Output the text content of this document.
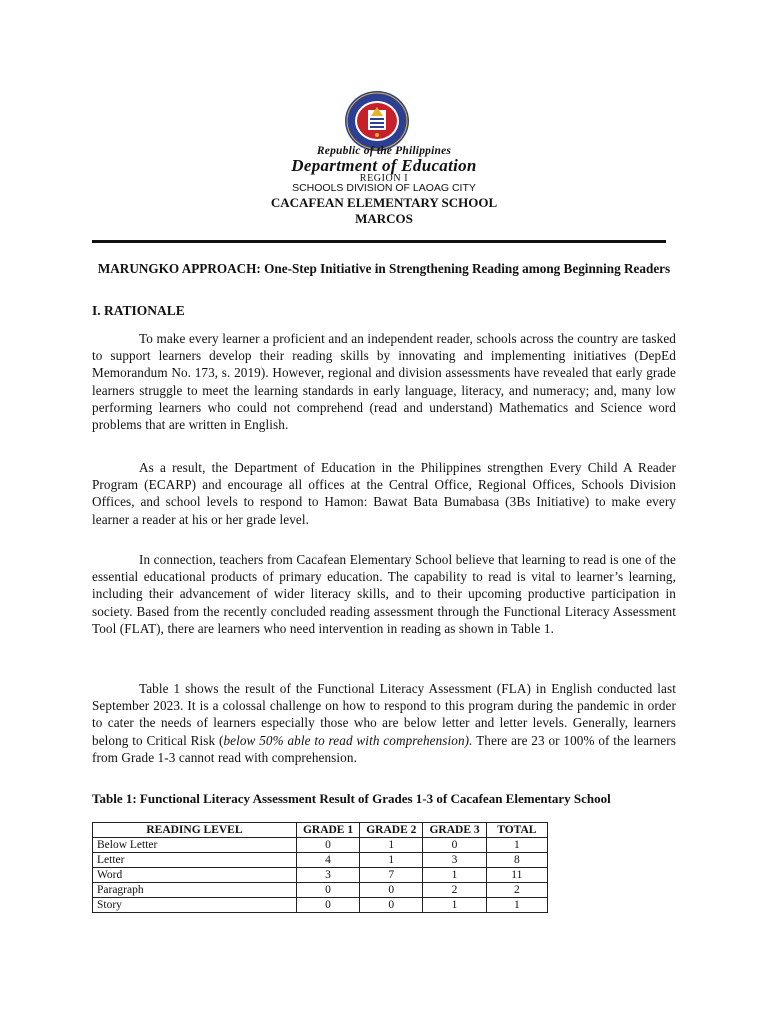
Republic of the Philippines
Department of Education
REGION I
SCHOOLS DIVISION OF LAOAG CITY
CACAFEAN ELEMENTARY SCHOOL
MARCOS
MARUNGKO APPROACH: One-Step Initiative in Strengthening Reading among Beginning Readers
I. RATIONALE

To make every learner a proficient and an independent reader, schools across the country are tasked to support learners develop their reading skills by innovating and implementing initiatives (DepEd Memorandum No. 173, s. 2019). However, regional and division assessments have revealed that early grade learners struggle to meet the learning standards in early language, literacy, and numeracy; and, many low performing learners who could not comprehend (read and understand) Mathematics and Science word problems that are written in English.

As a result, the Department of Education in the Philippines strengthen Every Child A Reader Program (ECARP) and encourage all offices at the Central Office, Regional Offices, Schools Division Offices, and school levels to respond to Hamon: Bawat Bata Bumabasa (3Bs Initiative) to make every learner a reader at his or her grade level.

In connection, teachers from Cacafean Elementary School believe that learning to read is one of the essential educational products of primary education. The capability to read is vital to learner’s learning, including their advancement of wider literacy skills, and to their upcoming productive participation in society. Based from the recently concluded reading assessment through the Functional Literacy Assessment Tool (FLAT), there are learners who need intervention in reading as shown in Table 1.

Table 1 shows the result of the Functional Literacy Assessment (FLA) in English conducted last September 2023. It is a colossal challenge on how to respond to this program during the pandemic in order to cater the needs of learners especially those who are below letter and letter levels. Generally, learners belong to Critical Risk (below 50% able to read with comprehension). There are 23 or 100% of the learners from Grade 1-3 cannot read with comprehension.

Table 1: Functional Literacy Assessment Result of Grades 1-3 of Cacafean Elementary School
READING LEVEL	GRADE 1	GRADE 2	GRADE 3	TOTAL
Below Letter	0	1	0	1
Letter	4	1	3	8
Word	3	7	1	11
Paragraph	0	0	2	2
Story	0	0	1	1
